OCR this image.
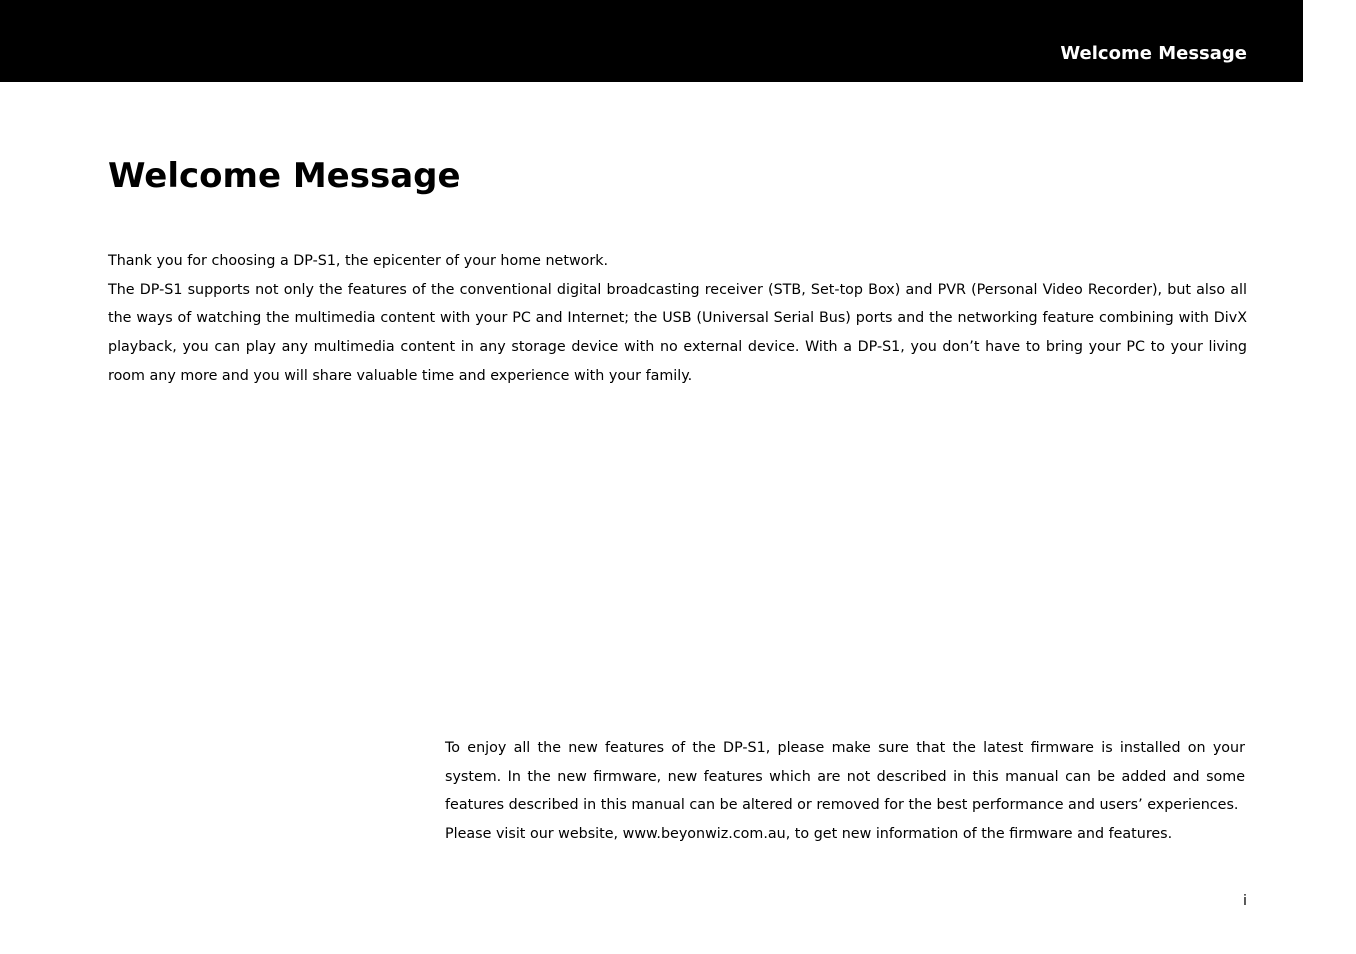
Welcome Message
Welcome Message

Thank you for choosing a DP-S1, the epicenter of your home network.

The DP-S1 supports not only the features of the conventional digital broadcasting receiver (STB, Set-top Box) and PVR (Personal Video Recorder), but also all the ways of watching the multimedia content with your PC and Internet; the USB (Universal Serial Bus) ports and the networking feature combining with DivX playback, you can play any multimedia content in any storage device with no external device. With a DP-S1, you don’t have to bring your PC to your living room any more and you will share valuable time and experience with your family.

To enjoy all the new features of the DP-S1, please make sure that the latest firmware is installed on your system. In the new firmware, new features which are not described in this manual can be added and some features described in this manual can be altered or removed for the best performance and users’ experiences.

Please visit our website, www.beyonwiz.com.au, to get new information of the firmware and features.

i
